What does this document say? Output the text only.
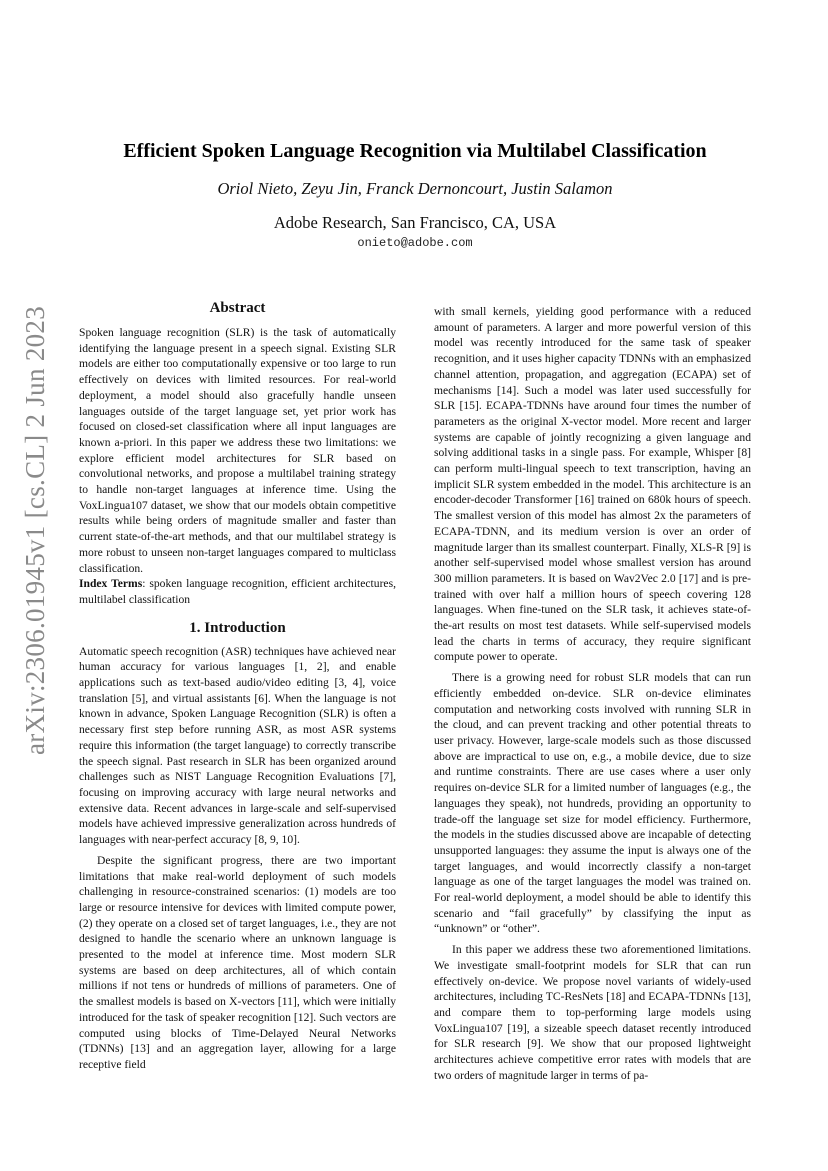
arXiv:2306.01945v1 [cs.CL] 2 Jun 2023
Efficient Spoken Language Recognition via Multilabel Classification
Oriol Nieto, Zeyu Jin, Franck Dernoncourt, Justin Salamon
Adobe Research, San Francisco, CA, USA
onieto@adobe.com
Abstract

Spoken language recognition (SLR) is the task of automatically identifying the language present in a speech signal. Existing SLR models are either too computationally expensive or too large to run effectively on devices with limited resources. For real-world deployment, a model should also gracefully handle unseen languages outside of the target language set, yet prior work has focused on closed-set classification where all input languages are known a-priori. In this paper we address these two limitations: we explore efficient model architectures for SLR based on convolutional networks, and propose a multilabel training strategy to handle non-target languages at inference time. Using the VoxLingua107 dataset, we show that our models obtain competitive results while being orders of magnitude smaller and faster than current state-of-the-art methods, and that our multilabel strategy is more robust to unseen non-target languages compared to multiclass classification.

Index Terms: spoken language recognition, efficient architectures, multilabel classification

1. Introduction

Automatic speech recognition (ASR) techniques have achieved near human accuracy for various languages [1, 2], and enable applications such as text-based audio/video editing [3, 4], voice translation [5], and virtual assistants [6]. When the language is not known in advance, Spoken Language Recognition (SLR) is often a necessary first step before running ASR, as most ASR systems require this information (the target language) to correctly transcribe the speech signal. Past research in SLR has been organized around challenges such as NIST Language Recognition Evaluations [7], focusing on improving accuracy with large neural networks and extensive data. Recent advances in large-scale and self-supervised models have achieved impressive generalization across hundreds of languages with near-perfect accuracy [8, 9, 10].

Despite the significant progress, there are two important limitations that make real-world deployment of such models challenging in resource-constrained scenarios: (1) models are too large or resource intensive for devices with limited compute power, (2) they operate on a closed set of target languages, i.e., they are not designed to handle the scenario where an unknown language is presented to the model at inference time. Most modern SLR systems are based on deep architectures, all of which contain millions if not tens or hundreds of millions of parameters. One of the smallest models is based on X-vectors [11], which were initially introduced for the task of speaker recognition [12]. Such vectors are computed using blocks of Time-Delayed Neural Networks (TDNNs) [13] and an aggregation layer, allowing for a large receptive field

with small kernels, yielding good performance with a reduced amount of parameters. A larger and more powerful version of this model was recently introduced for the same task of speaker recognition, and it uses higher capacity TDNNs with an emphasized channel attention, propagation, and aggregation (ECAPA) set of mechanisms [14]. Such a model was later used successfully for SLR [15]. ECAPA-TDNNs have around four times the number of parameters as the original X-vector model. More recent and larger systems are capable of jointly recognizing a given language and solving additional tasks in a single pass. For example, Whisper [8] can perform multi-lingual speech to text transcription, having an implicit SLR system embedded in the model. This architecture is an encoder-decoder Transformer [16] trained on 680k hours of speech. The smallest version of this model has almost 2x the parameters of ECAPA-TDNN, and its medium version is over an order of magnitude larger than its smallest counterpart. Finally, XLS-R [9] is another self-supervised model whose smallest version has around 300 million parameters. It is based on Wav2Vec 2.0 [17] and is pre-trained with over half a million hours of speech covering 128 languages. When fine-tuned on the SLR task, it achieves state-of-the-art results on most test datasets. While self-supervised models lead the charts in terms of accuracy, they require significant compute power to operate.

There is a growing need for robust SLR models that can run efficiently embedded on-device. SLR on-device eliminates computation and networking costs involved with running SLR in the cloud, and can prevent tracking and other potential threats to user privacy. However, large-scale models such as those discussed above are impractical to use on, e.g., a mobile device, due to size and runtime constraints. There are use cases where a user only requires on-device SLR for a limited number of languages (e.g., the languages they speak), not hundreds, providing an opportunity to trade-off the language set size for model efficiency. Furthermore, the models in the studies discussed above are incapable of detecting unsupported languages: they assume the input is always one of the target languages, and would incorrectly classify a non-target language as one of the target languages the model was trained on. For real-world deployment, a model should be able to identify this scenario and “fail gracefully” by classifying the input as “unknown” or “other”.

In this paper we address these two aforementioned limitations. We investigate small-footprint models for SLR that can run effectively on-device. We propose novel variants of widely-used architectures, including TC-ResNets [18] and ECAPA-TDNNs [13], and compare them to top-performing large models using VoxLingua107 [19], a sizeable speech dataset recently introduced for SLR research [9]. We show that our proposed lightweight architectures achieve competitive error rates with models that are two orders of magnitude larger in terms of pa-
